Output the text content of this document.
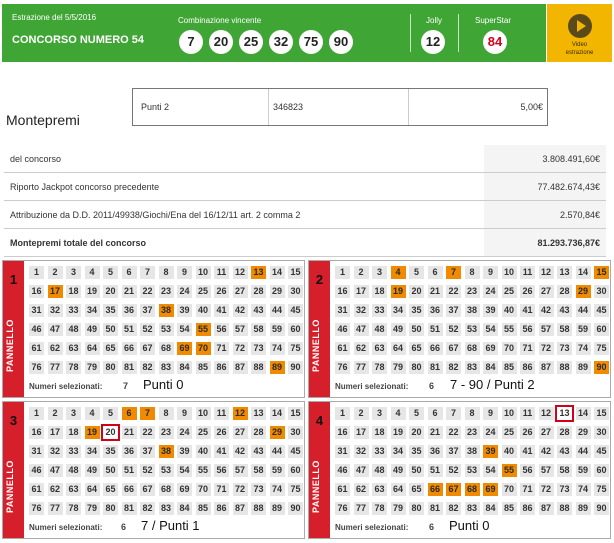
Estrazione del 5/5/2016
CONCORSO NUMERO 54
Combinazione vincente
7	20	25	32	75	90
Jolly
12
SuperStar
84	Video
estrazione
Montepremi
Punti 2	346823	5,00€
del concorso	3.808.491,60€
Riporto Jackpot concorso precedente	77.482.674,43€
Attribuzione da D.D. 2011/49938/Giochi/Ena del 16/12/11 art. 2 comma 2	2.570,84€
Montepremi totale del concorso	81.293.736,87€
1
PANNELLO
1	2	3	4	5	6	7	8	9	10 11 12 13 14 15
16 17 18 19 20 21 22 23 24 25 26 27 28 29 30
31 32 33 34 35 36 37 38 39 40 41 42 43 44 45
46 47 48 49 50 51 52 53 54 55 56 57 58 59 60
61 62 63 64 65 66 67 68 69 70 71 72 73 74 75
76 77 78 79 80 81 82 83 84 85 86 87 88 89 90
Numeri selezionati: 7 Punti 0
2
PANNELLO
1	2	3	4	5	6	7	8	9	10 11 12 13 14 15
16 17 18 19 20 21 22 23 24 25 26 27 28 29 30
31 32 33 34 35 36 37 38 39 40 41 42 43 44 45
46 47 48 49 50 51 52 53 54 55 56 57 58 59 60
61 62 63 64 65 66 67 68 69 70 71 72 73 74 75
76 77 78 79 80 81 82 83 84 85 86 87 88 89 90
Numeri selezionati: 6 7 - 90 / Punti 2
3
PANNELLO
1	2	3	4	5	6	7	8	9	10 11 12 13 14 15
16 17 18 19 20 21 22 23 24 25 26 27 28 29 30
31 32 33 34 35 36 37 38 39 40 41 42 43 44 45
46 47 48 49 50 51 52 53 54 55 56 57 58 59 60
61 62 63 64 65 66 67 68 69 70 71 72 73 74 75
76 77 78 79 80 81 82 83 84 85 86 87 88 89 90
Numeri selezionati: 6 7 / Punti 1
4
PANNELLO
1	2	3	4	5	6	7	8	9	10 11 12 13 14 15
16 17 18 19 20 21 22 23 24 25 26 27 28 29 30
31 32 33 34 35 36 37 38 39 40 41 42 43 44 45
46 47 48 49 50 51 52 53 54 55 56 57 58 59 60
61 62 63 64 65 66 67 68 69 70 71 72 73 74 75
76 77 78 79 80 81 82 83 84 85 86 87 88 89 90
Numeri selezionati: 6 Punti 0
